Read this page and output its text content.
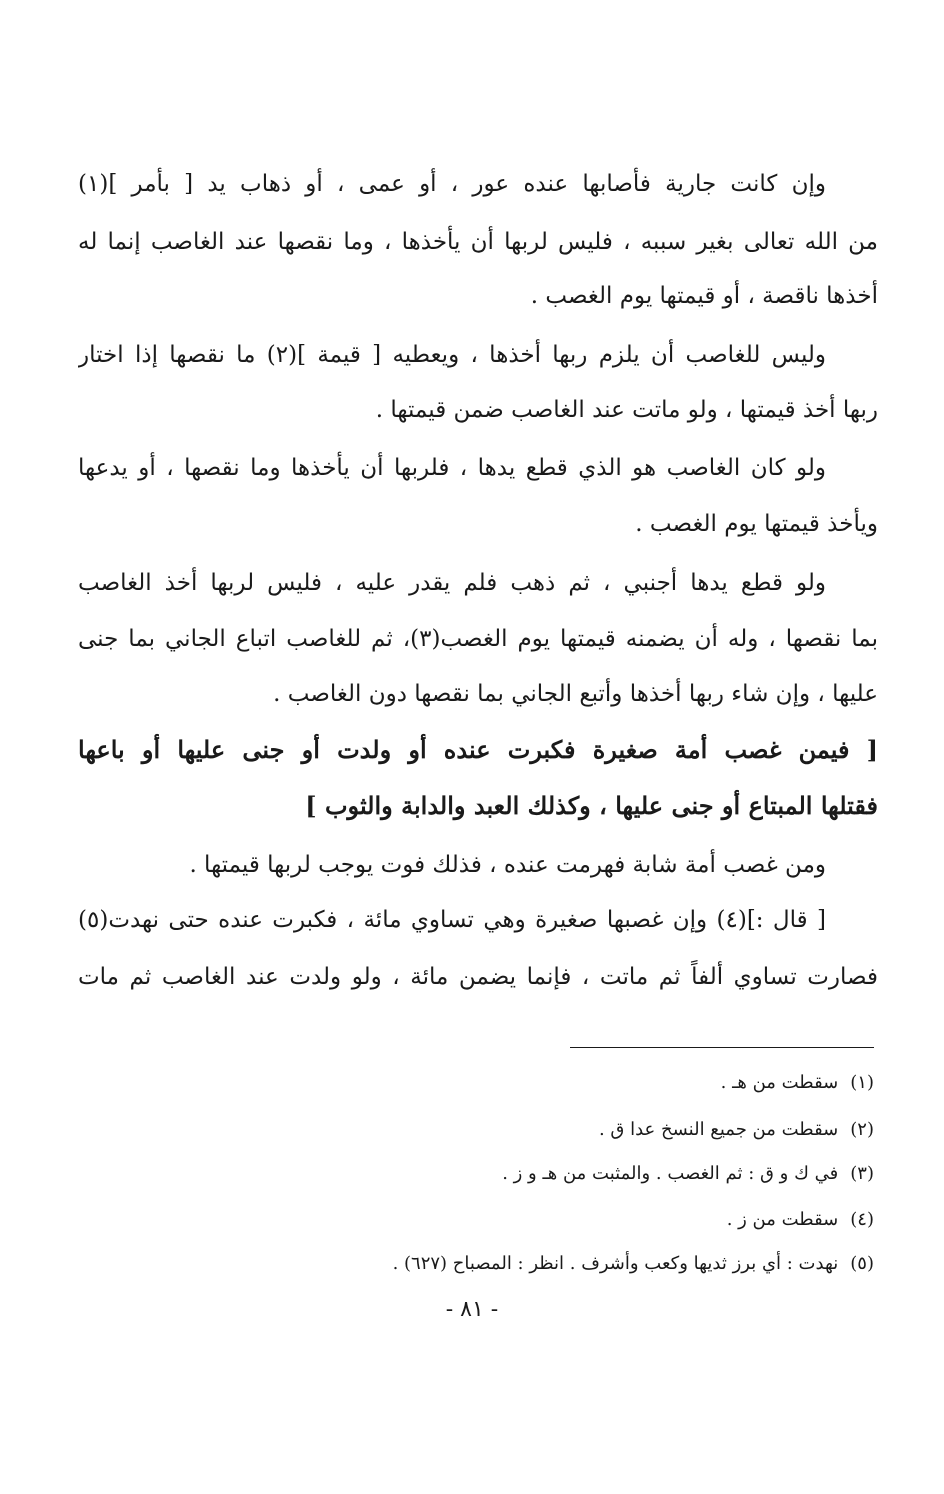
وإن كانت جارية فأصابها عنده عور ، أو عمى ، أو ذهاب يد [ بأمر ](١)
من الله تعالى بغير سببه ، فليس لربها أن يأخذها ، وما نقصها عند الغاصب إنما له
أخذها ناقصة ، أو قيمتها يوم الغصب .
وليس للغاصب أن يلزم ربها أخذها ، ويعطيه [ قيمة ](٢) ما نقصها إذا اختار
ربها أخذ قيمتها ، ولو ماتت عند الغاصب ضمن قيمتها .
ولو كان الغاصب هو الذي قطع يدها ، فلربها أن يأخذها وما نقصها ، أو يدعها
ويأخذ قيمتها يوم الغصب .
ولو قطع يدها أجنبي ، ثم ذهب فلم يقدر عليه ، فليس لربها أخذ الغاصب
بما نقصها ، وله أن يضمنه قيمتها يوم الغصب(٣)، ثم للغاصب اتباع الجاني بما جنى
عليها ، وإن شاء ربها أخذها وأتبع الجاني بما نقصها دون الغاصب .
[ فيمن غصب أمة صغيرة فكبرت عنده أو ولدت أو جنى عليها أو باعها
فقتلها المبتاع أو جنى عليها ، وكذلك العبد والدابة والثوب ]
ومن غصب أمة شابة فهرمت عنده ، فذلك فوت يوجب لربها قيمتها .
[ قال :](٤) وإن غصبها صغيرة وهي تساوي مائة ، فكبرت عنده حتى نهدت(٥)
فصارت تساوي ألفاً ثم ماتت ، فإنما يضمن مائة ، ولو ولدت عند الغاصب ثم مات
(١)سقطت من هـ .
(٢)سقطت من جميع النسخ عدا ق .
(٣)في ك و ق : ثم الغصب . والمثبت من هـ و ز .
(٤)سقطت من ز .
(٥)نهدت : أي برز ثديها وكعب وأشرف . انظر : المصباح (٦٢٧) .
- ٨١ -
